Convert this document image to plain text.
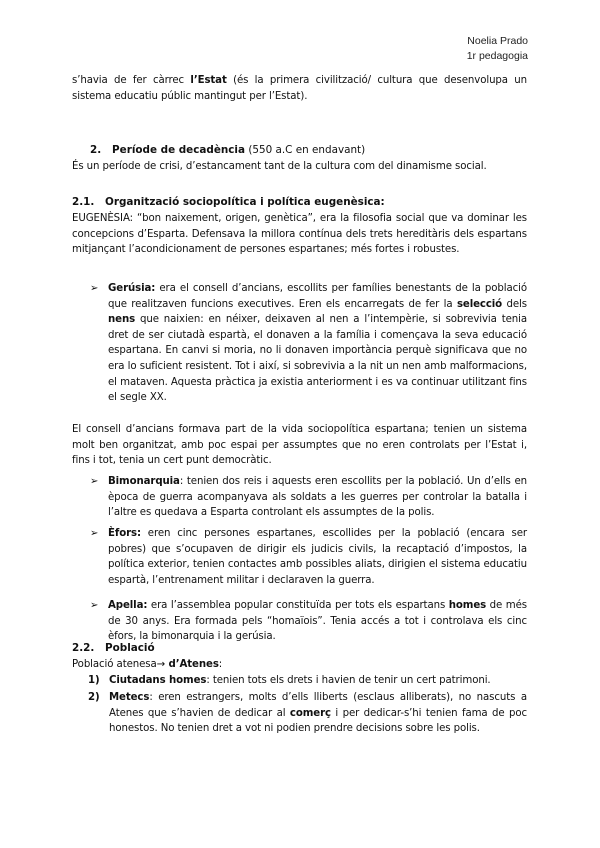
Noelia Prado
1r pedagogia
s’havia de fer càrrec l’Estat (és la primera civilització/ cultura que desenvolupa un sistema educatiu públic mantingut per l’Estat).
2. Període de decadència (550 a.C en endavant)
És un període de crisi, d’estancament tant de la cultura com del dinamisme social.
2.1. Organització sociopolítica i política eugenèsica:
EUGENÈSIA: “bon naixement, origen, genètica”, era la filosofia social que va dominar les concepcions d’Esparta. Defensava la millora contínua dels trets hereditàris dels espartans mitjançant l’acondicionament de persones espartanes; més fortes i robustes.
➢ Gerúsia: era el consell d’ancians, escollits per famílies benestants de la població que realitzaven funcions executives. Eren els encarregats de fer la selecció dels nens que naixien: en néixer, deixaven al nen a l’intempèrie, si sobrevivia tenia dret de ser ciutadà espartà, el donaven a la família i començava la seva educació espartana. En canvi si moria, no li donaven importància perquè significava que no era lo suficient resistent. Tot i així, si sobrevivia a la nit un nen amb malformacions, el mataven. Aquesta pràctica ja existia anteriorment i es va continuar utilitzant fins el segle XX.
El consell d’ancians formava part de la vida sociopolítica espartana; tenien un sistema molt ben organitzat, amb poc espai per assumptes que no eren controlats per l’Estat i, fins i tot, tenia un cert punt democràtic.
➢ Bimonarquia: tenien dos reis i aquests eren escollits per la població. Un d’ells en època de guerra acompanyava als soldats a les guerres per controlar la batalla i l’altre es quedava a Esparta controlant els assumptes de la polis.
➢ Èfors: eren cinc persones espartanes, escollides per la població (encara ser pobres) que s’ocupaven de dirigir els judicis civils, la recaptació d’impostos, la política exterior, tenien contactes amb possibles aliats, dirigien el sistema educatiu espartà, l’entrenament militar i declaraven la guerra.
➢ Apella: era l’assemblea popular constituïda per tots els espartans homes de més de 30 anys. Era formada pels “homaïois”. Tenia accés a tot i controlava els cinc èfors, la bimonarquia i la gerúsia.
2.2. Població
Població atenesa→ d’Atenes:
1) Ciutadans homes: tenien tots els drets i havien de tenir un cert patrimoni.
2) Metecs: eren estrangers, molts d’ells lliberts (esclaus alliberats), no nascuts a Atenes que s’havien de dedicar al comerç i per dedicar-s’hi tenien fama de poc honestos. No tenien dret a vot ni podien prendre decisions sobre les polis.
